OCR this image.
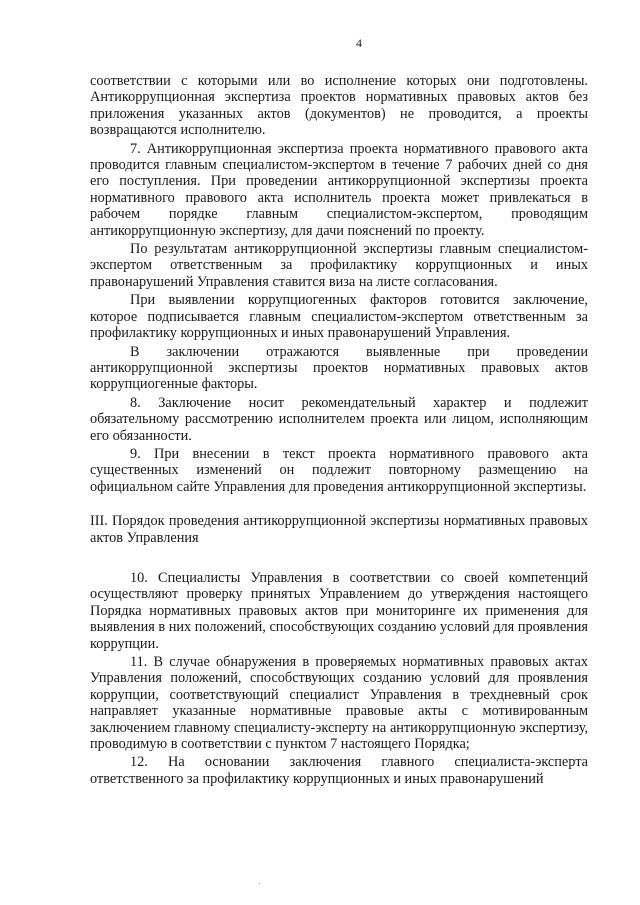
4

соответствии с которыми или во исполнение которых они подготовлены. Антикоррупционная экспертиза проектов нормативных правовых актов без приложения указанных актов (документов) не проводится, а проекты возвращаются исполнителю.

7. Антикоррупционная экспертиза проекта нормативного правового акта проводится главным специалистом-экспертом в течение 7 рабочих дней со дня его поступления. При проведении антикоррупционной экспертизы проекта нормативного правового акта исполнитель проекта может привлекаться в рабочем порядке главным специалистом-экспертом, проводящим антикоррупционную экспертизу, для дачи пояснений по проекту.

По результатам антикоррупционной экспертизы главным специалистом-экспертом ответственным за профилактику коррупционных и иных правонарушений Управления ставится виза на листе согласования.

При выявлении коррупциогенных факторов готовится заключение, которое подписывается главным специалистом-экспертом ответственным за профилактику коррупционных и иных правонарушений Управления.

В заключении отражаются выявленные при проведении антикоррупционной экспертизы проектов нормативных правовых актов коррупциогенные факторы.

8. Заключение носит рекомендательный характер и подлежит обязательному рассмотрению исполнителем проекта или лицом, исполняющим его обязанности.

9. При внесении в текст проекта нормативного правового акта существенных изменений он подлежит повторному размещению на официальном сайте Управления для проведения антикоррупционной экспертизы.

III. Порядок проведения антикоррупционной экспертизы нормативных правовых актов Управления

10. Специалисты Управления в соответствии со своей компетенций осуществляют проверку принятых Управлением до утверждения настоящего Порядка нормативных правовых актов при мониторинге их применения для выявления в них положений, способствующих созданию условий для проявления коррупции.

11. В случае обнаружения в проверяемых нормативных правовых актах Управления положений, способствующих созданию условий для проявления коррупции, соответствующий специалист Управления в трехдневный срок направляет указанные нормативные правовые акты с мотивированным заключением главному специалисту-эксперту на антикоррупционную экспертизу, проводимую в соответствии с пунктом 7 настоящего Порядка;

12. На основании заключения главного специалиста-эксперта ответственного за профилактику коррупционных и иных правонарушений

.
